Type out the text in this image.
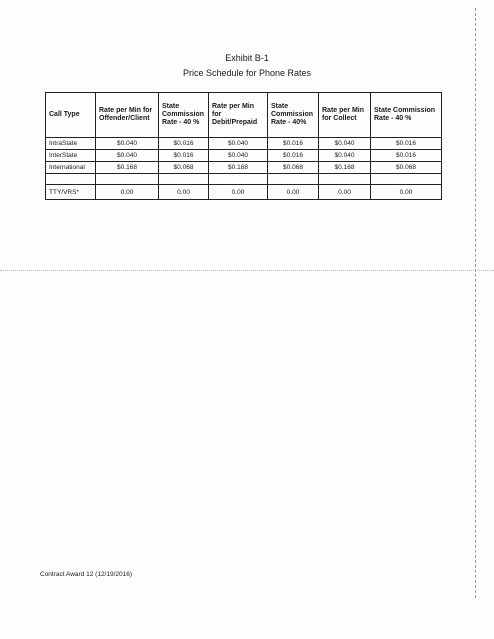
Exhibit B-1
Price Schedule for Phone Rates
Call Type	Rate per Min for Offender/Client	State Commission Rate - 40 %	Rate per Min for Debit/Prepaid	State Commission Rate - 40%	Rate per Min for Collect	State Commission Rate - 40 %
IntraState	$0.040	$0.016	$0.040	$0.016	$0.040	$0.016
InterState	$0.040	$0.016	$0.040	$0.016	$0.040	$0.016
International	$0.168	$0.068	$0.168	$0.068	$0.168	$0.068

TTY/VRS*	0.00	0.00	0.00	0.00	0.00	0.00
Contract Award 12 (12/19/2016)
